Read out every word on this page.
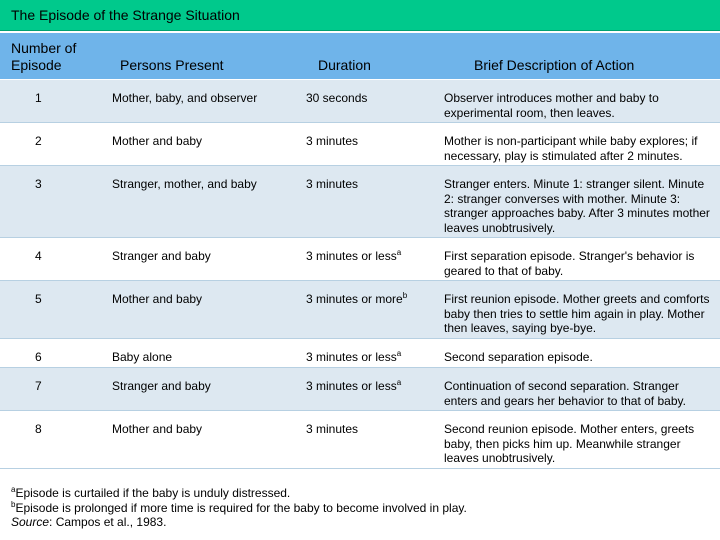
The Episode of the Strange Situation
Number of
Episode	Persons Present	Duration	Brief Description of Action
1	Mother, baby, and observer	30 seconds	Observer introduces mother and baby to experimental room, then leaves.
2	Mother and baby	3 minutes	Mother is non-participant while baby explores; if necessary, play is stimulated after 2 minutes.
3	Stranger, mother, and baby	3 minutes	Stranger enters. Minute 1: stranger silent. Minute 2: stranger converses with mother. Minute 3: stranger approaches baby. After 3 minutes mother leaves unobtrusively.
4	Stranger and baby	3 minutes or less$^a$	First separation episode. Stranger's behavior is geared to that of baby.
5	Mother and baby	3 minutes or more$^b$	First reunion episode. Mother greets and comforts baby then tries to settle him again in play. Mother then leaves, saying bye-bye.
6	Baby alone	3 minutes or less$^a$	Second separation episode.
7	Stranger and baby	3 minutes or less$^a$	Continuation of second separation. Stranger enters and gears her behavior to that of baby.
8	Mother and baby	3 minutes	Second reunion episode. Mother enters, greets baby, then picks him up. Meanwhile stranger leaves unobtrusively.
$^a$Episode is curtailed if the baby is unduly distressed.
$^b$Episode is prolonged if more time is required for the baby to become involved in play.
Source: Campos et al., 1983.
